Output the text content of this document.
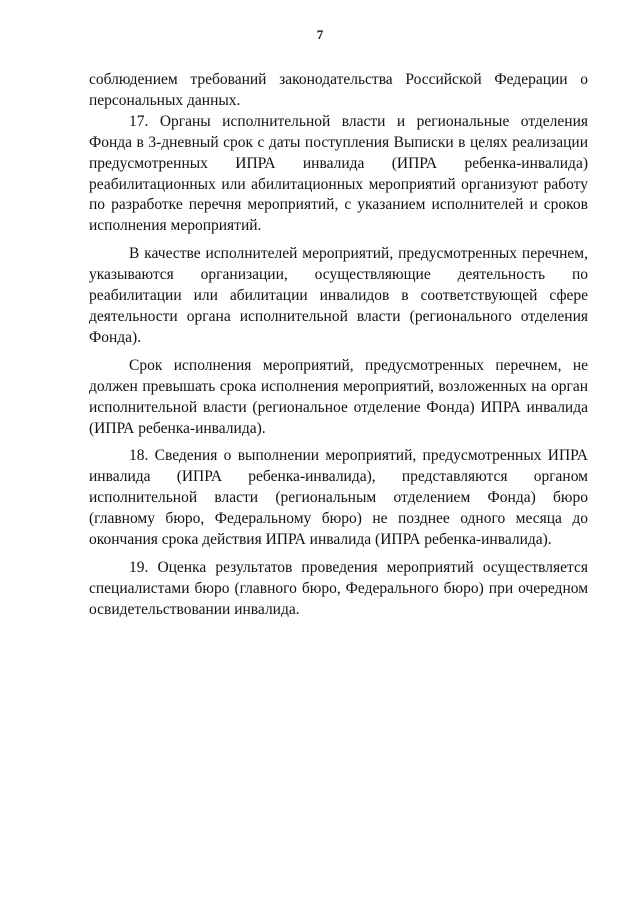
7

соблюдением требований законодательства Российской Федерации о персональных данных.

17. Органы исполнительной власти и региональные отделения Фонда в 3-дневный срок с даты поступления Выписки в целях реализации предусмотренных ИПРА инвалида (ИПРА ребенка-инвалида) реабилитационных или абилитационных мероприятий организуют работу по разработке перечня мероприятий, с указанием исполнителей и сроков исполнения мероприятий.

В качестве исполнителей мероприятий, предусмотренных перечнем, указываются организации, осуществляющие деятельность по реабилитации или абилитации инвалидов в соответствующей сфере деятельности органа исполнительной власти (регионального отделения Фонда).

Срок исполнения мероприятий, предусмотренных перечнем, не должен превышать срока исполнения мероприятий, возложенных на орган исполнительной власти (региональное отделение Фонда) ИПРА инвалида (ИПРА ребенка-инвалида).

18. Сведения о выполнении мероприятий, предусмотренных ИПРА инвалида (ИПРА ребенка-инвалида), представляются органом исполнительной власти (региональным отделением Фонда) бюро (главному бюро, Федеральному бюро) не позднее одного месяца до окончания срока действия ИПРА инвалида (ИПРА ребенка-инвалида).

19. Оценка результатов проведения мероприятий осуществляется специалистами бюро (главного бюро, Федерального бюро) при очередном освидетельствовании инвалида.
